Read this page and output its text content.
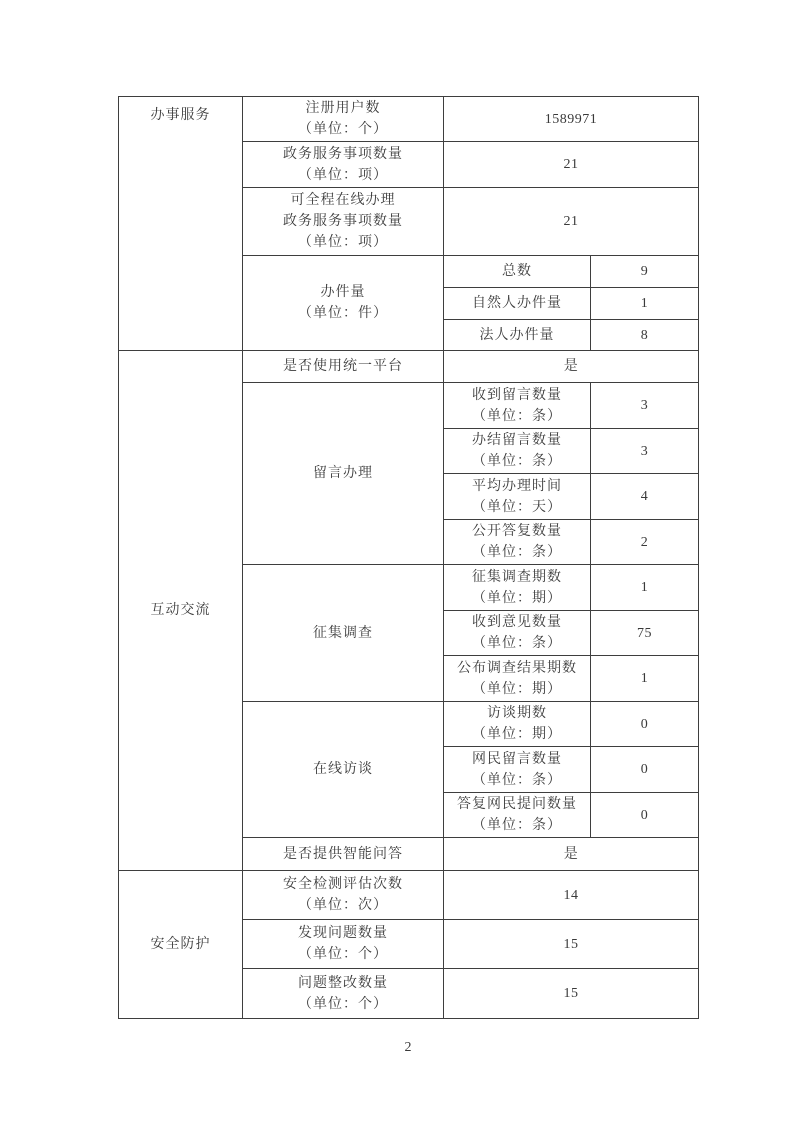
办事服务	注册用户数
（单位：个）	1589971	

	政务服务事项数量
（单位：项）	21	

	可全程在线办理
政务服务事项数量
（单位：项）	21	

	办件量
（单位：件）	总数	9

		自然人办件量	1

		法人办件量	8

互动交流	是否使用统一平台	是	

	留言办理	收到留言数量
（单位：条）	3

		办结留言数量
（单位：条）	3

		平均办理时间
（单位：天）	4

		公开答复数量
（单位：条）	2

	征集调查	征集调查期数
（单位：期）	1

		收到意见数量
（单位：条）	75

		公布调查结果期数
（单位：期）	1

	在线访谈	访谈期数
（单位：期）	0

		网民留言数量
（单位：条）	0

		答复网民提问数量
（单位：条）	0

	是否提供智能问答	是	

安全防护	安全检测评估次数
（单位：次）	14	

	发现问题数量
（单位：个）	15	

	问题整改数量
（单位：个）	15	
2
